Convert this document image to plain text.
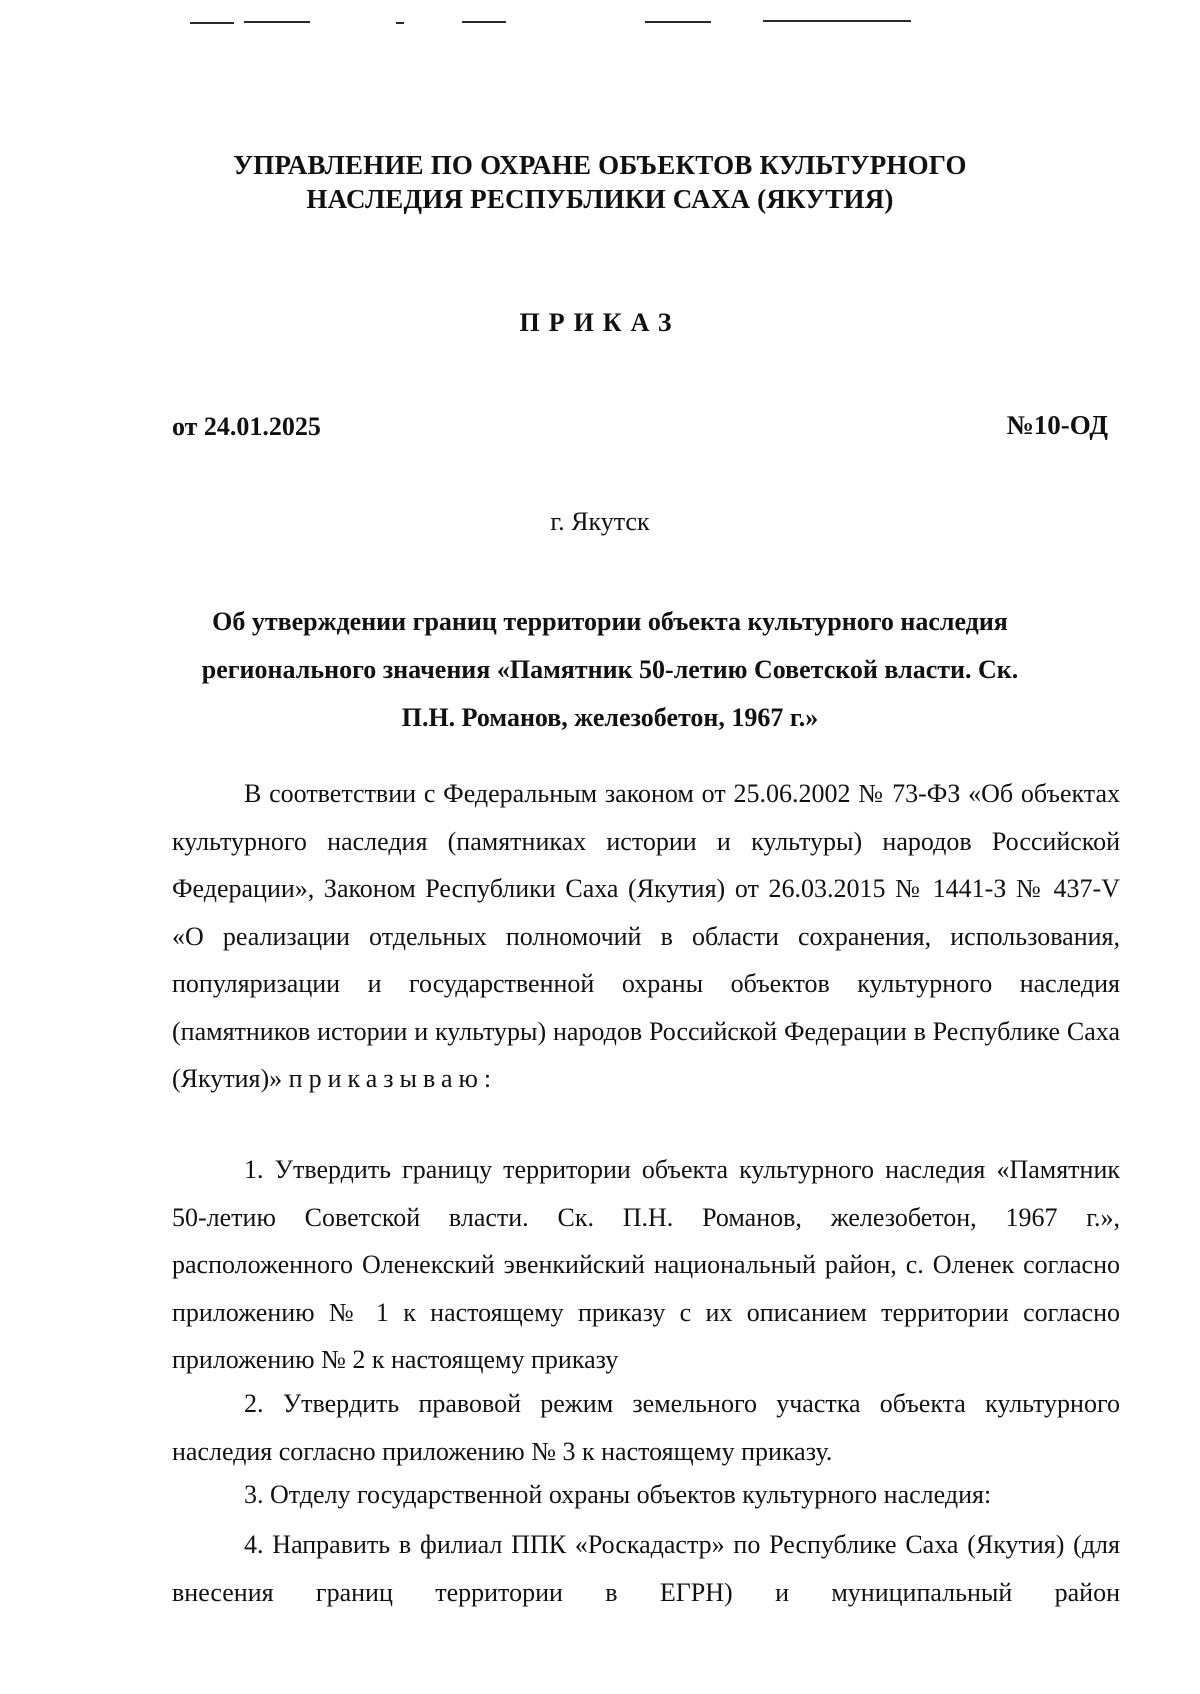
УПРАВЛЕНИЕ ПО ОХРАНЕ ОБЪЕКТОВ КУЛЬТУРНОГО
НАСЛЕДИЯ РЕСПУБЛИКИ САХА (ЯКУТИЯ)
ПРИКАЗ
от 24.01.2025	№10-ОД
г. Якутск
Об утверждении границ территории объекта культурного наследия
регионального значения «Памятник 50-летию Советской власти. Ск.
П.Н. Романов, железобетон, 1967 г.»
В соответствии с Федеральным законом от 25.06.2002 № 73-ФЗ «Об объектах культурного наследия (памятниках истории и культуры) народов Российской Федерации», Законом Республики Саха (Якутия) от 26.03.2015 № 1441-З № 437-V «О реализации отдельных полномочий в области сохранения, использования, популяризации и государственной охраны объектов культурного наследия (памятников истории и культуры) народов Российской Федерации в Республике Саха (Якутия)» приказываю:
1. Утвердить границу территории объекта культурного наследия «Памятник 50-летию Советской власти. Ск. П.Н. Романов, железобетон, 1967 г.», расположенного Оленекский эвенкийский национальный район, с. Оленек согласно приложению № 1 к настоящему приказу с их описанием территории согласно приложению № 2 к настоящему приказу
2. Утвердить правовой режим земельного участка объекта культурного наследия согласно приложению № 3 к настоящему приказу.
3. Отделу государственной охраны объектов культурного наследия:
4. Направить в филиал ППК «Роскадастр» по Республике Саха (Якутия) (для внесения границ территории в ЕГРН) и муниципальный район
